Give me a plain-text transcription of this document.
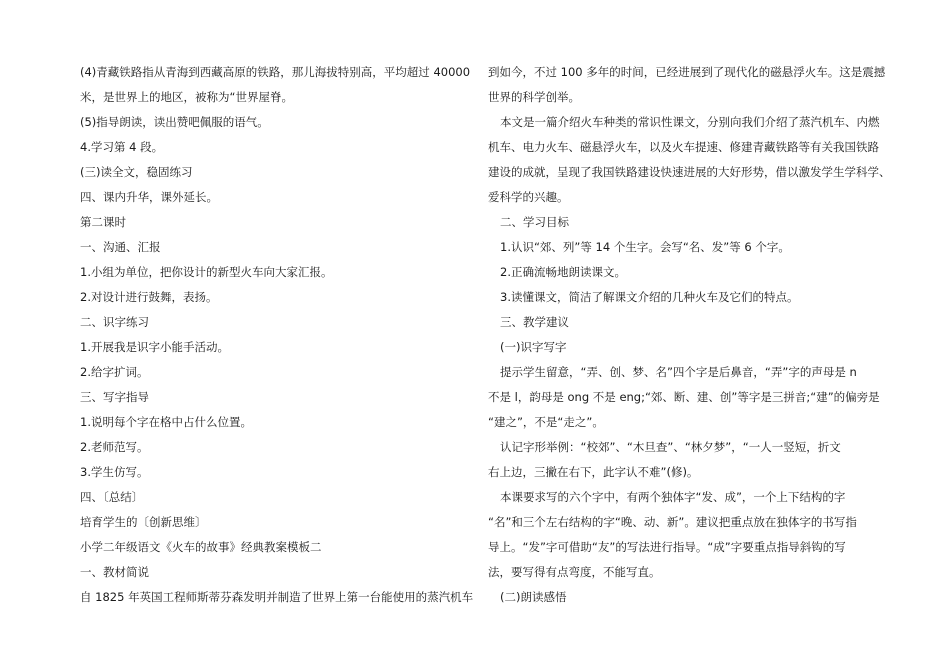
(4)青藏铁路指从青海到西藏高原的铁路，那儿海拔特别高，平均超过 40000

米，是世界上的地区，被称为“世界屋脊。

(5)指导朗读，读出赞吧佩服的语气。

4.学习第 4 段。

(三)读全文，稳固练习

四、课内升华，课外延长。

第二课时

一、沟通、汇报

1.小组为单位，把你设计的新型火车向大家汇报。

2.对设计进行鼓舞，表扬。

二、识字练习

1.开展我是识字小能手活动。

2.给字扩词。

三、写字指导

1.说明每个字在格中占什么位置。

2.老师范写。

3.学生仿写。

四、〔总结〕

培育学生的〔创新思维〕

小学二年级语文《火车的故事》经典教案模板二

一、教材简说

自 1825 年英国工程师斯蒂芬森发明并制造了世界上第一台能使用的蒸汽机车

到如今，不过 100 多年的时间，已经进展到了现代化的磁悬浮火车。这是震撼

世界的科学创举。

本文是一篇介绍火车种类的常识性课文，分别向我们介绍了蒸汽机车、内燃

机车、电力火车、磁悬浮火车，以及火车提速、修建青藏铁路等有关我国铁路

建设的成就，呈现了我国铁路建设快速进展的大好形势，借以激发学生学科学、

爱科学的兴趣。

二、学习目标

1.认识“郊、列”等 14 个生字。会写“名、发”等 6 个字。

2.正确流畅地朗读课文。

3.读懂课文，简洁了解课文介绍的几种火车及它们的特点。

三、教学建议

(一)识字写字

提示学生留意，“弄、创、梦、名”四个字是后鼻音，“弄”字的声母是 n

不是 l，韵母是 ong 不是 eng;“郊、断、建、创”等字是三拼音;“建”的偏旁是

“建之”，不是“走之”。

认记字形举例：“校郊”、“木旦查”、“林夕梦”，“一人一竖短，折文

右上边，三撇在右下，此字认不难”(修)。

本课要求写的六个字中，有两个独体字“发、成”，一个上下结构的字

“名”和三个左右结构的字“晚、动、新”。建议把重点放在独体字的书写指

导上。“发”字可借助“友”的写法进行指导。“成”字要重点指导斜钩的写

法，要写得有点弯度，不能写直。

(二)朗读感悟
